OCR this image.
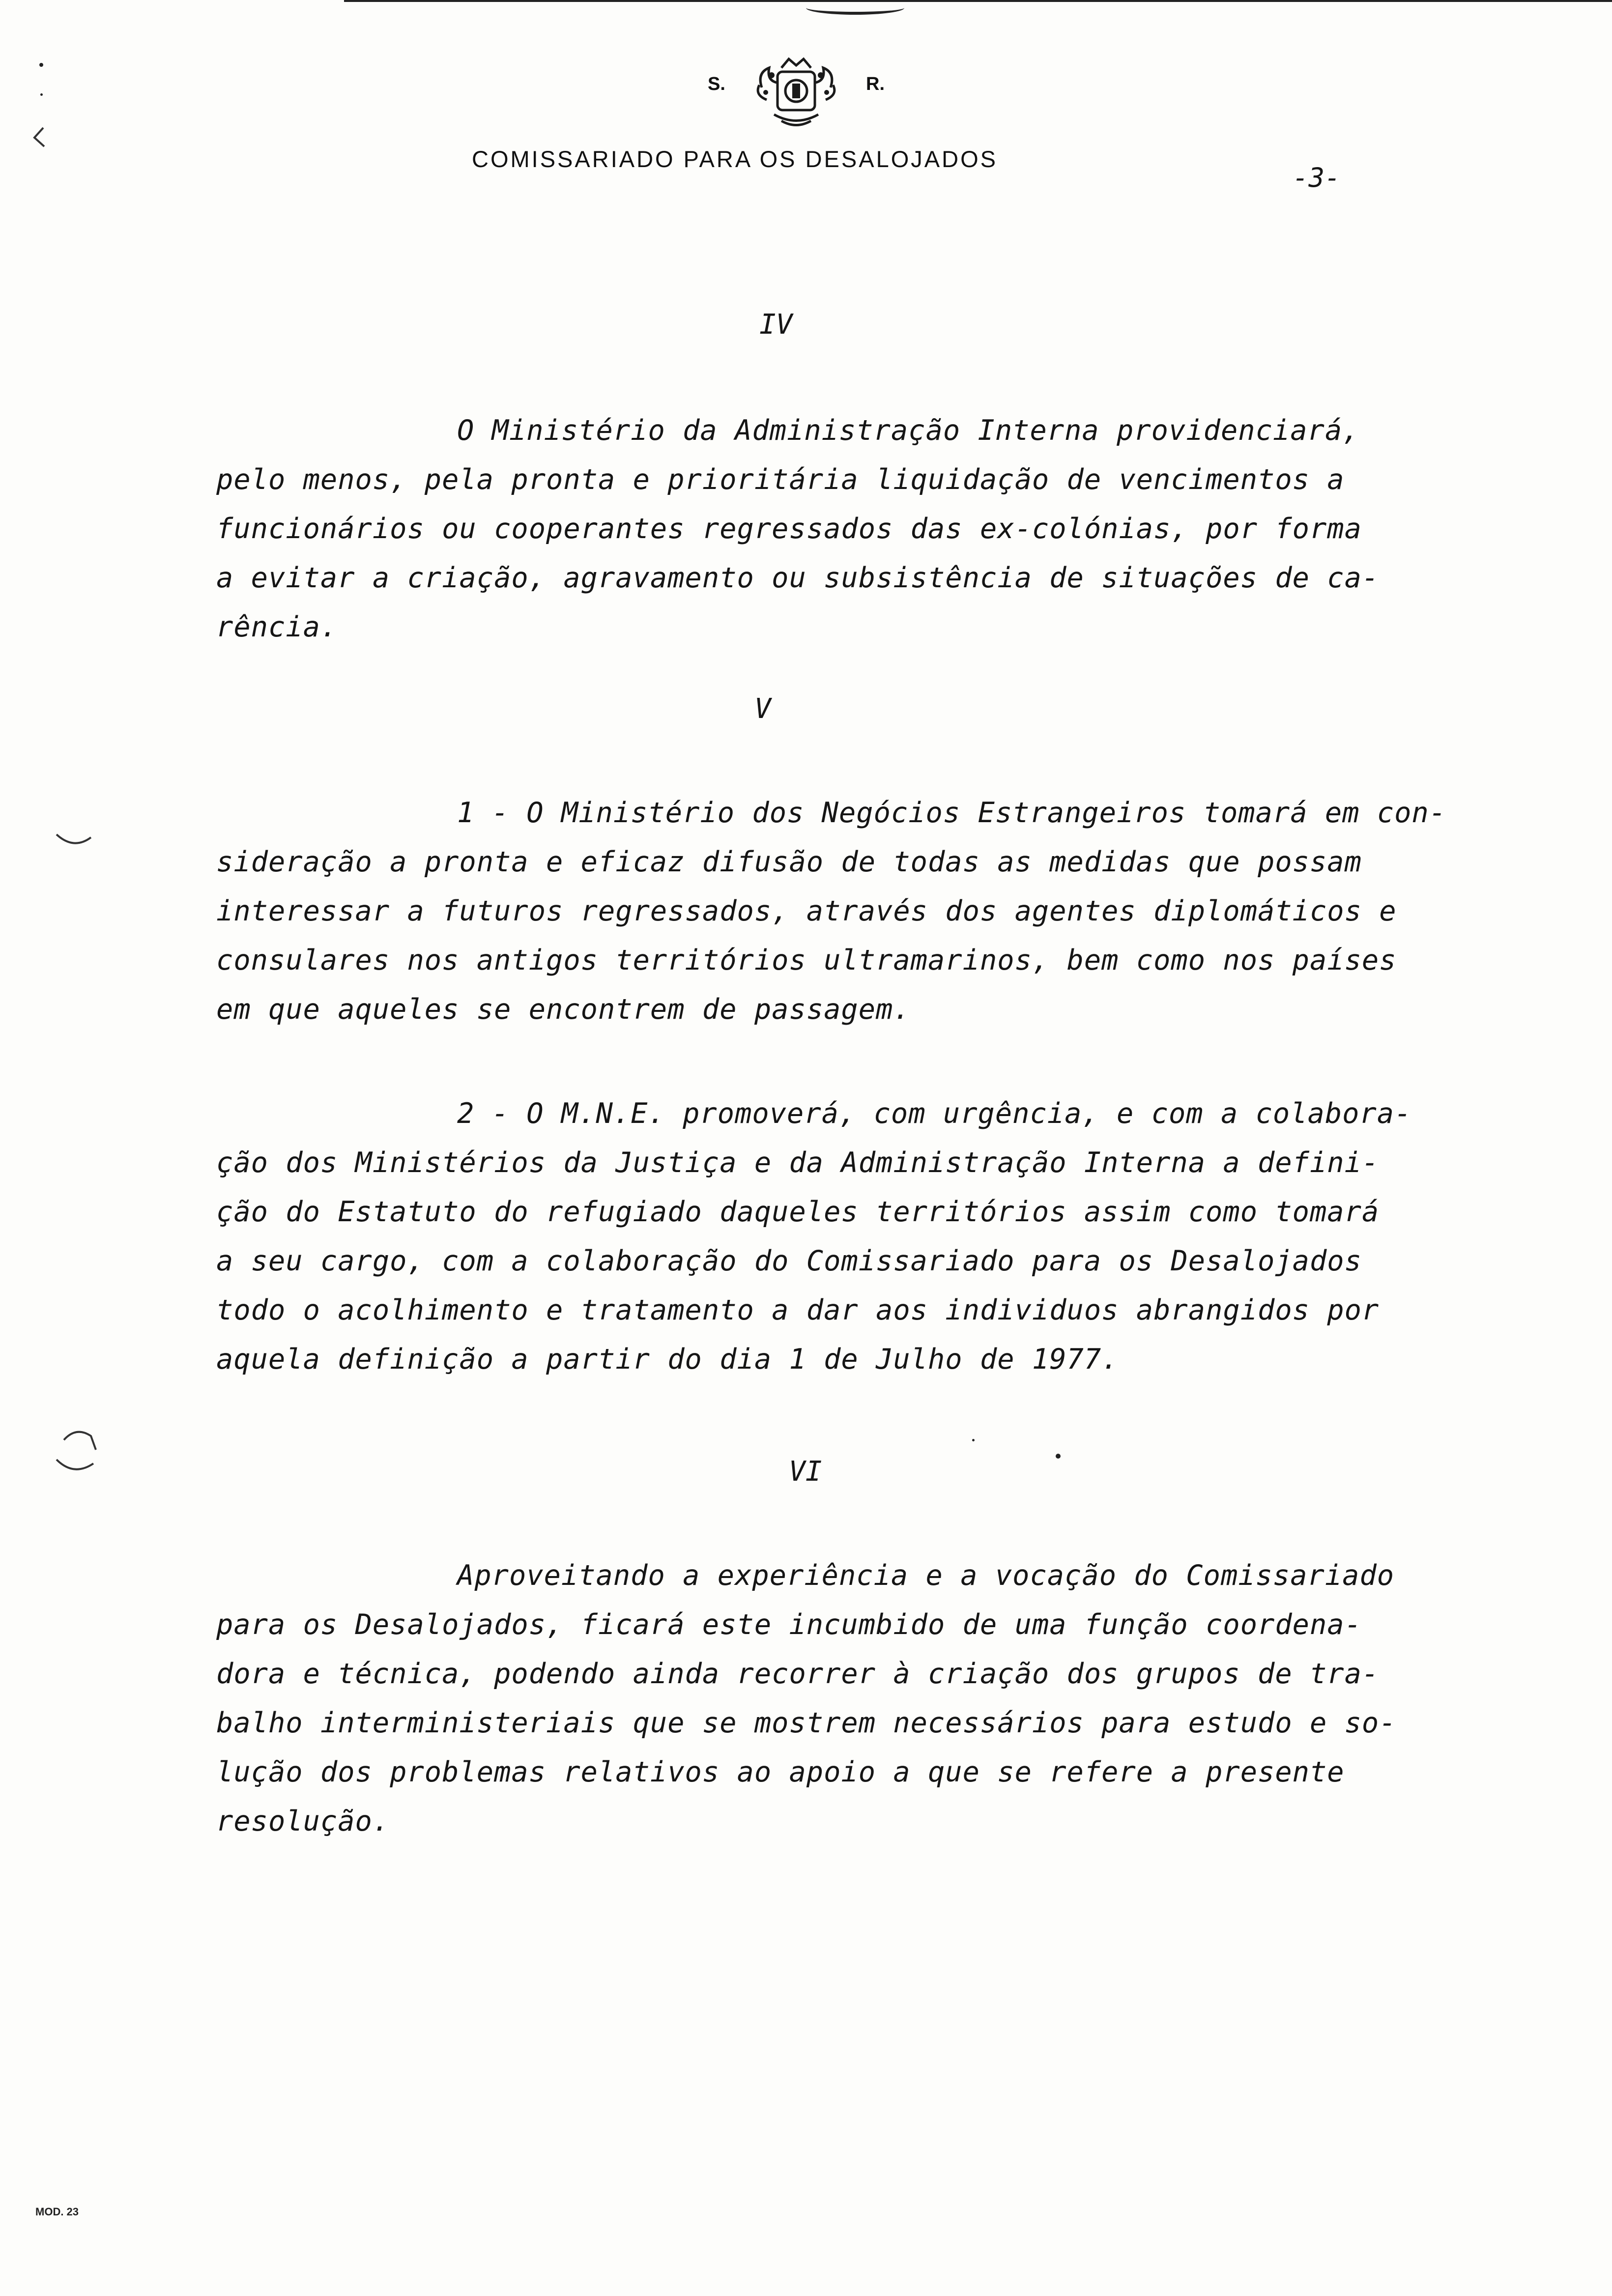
S.	R.
COMISSARIADO PARA OS DESALOJADOS
-3-
IV
O Ministério da Administração Interna providenciará,
pelo menos, pela pronta e prioritária liquidação de vencimentos a
funcionários ou cooperantes regressados das ex-colónias, por forma
a evitar a criação, agravamento ou subsistência de situações de ca-
rência.
V
1 - O Ministério dos Negócios Estrangeiros tomará em con-
sideração a pronta e eficaz difusão de todas as medidas que possam
interessar a futuros regressados, através dos agentes diplomáticos e
consulares nos antigos territórios ultramarinos, bem como nos países
em que aqueles se encontrem de passagem.
2 - O M.N.E. promoverá, com urgência, e com a colabora-
ção dos Ministérios da Justiça e da Administração Interna a defini-
ção do Estatuto do refugiado daqueles territórios assim como tomará
a seu cargo, com a colaboração do Comissariado para os Desalojados
todo o acolhimento e tratamento a dar aos individuos abrangidos por
aquela definição a partir do dia 1 de Julho de 1977.
VI
Aproveitando a experiência e a vocação do Comissariado
para os Desalojados, ficará este incumbido de uma função coordena-
dora e técnica, podendo ainda recorrer à criação dos grupos de tra-
balho interministeriais que se mostrem necessários para estudo e so-
lução dos problemas relativos ao apoio a que se refere a presente
resolução.
MOD. 23
